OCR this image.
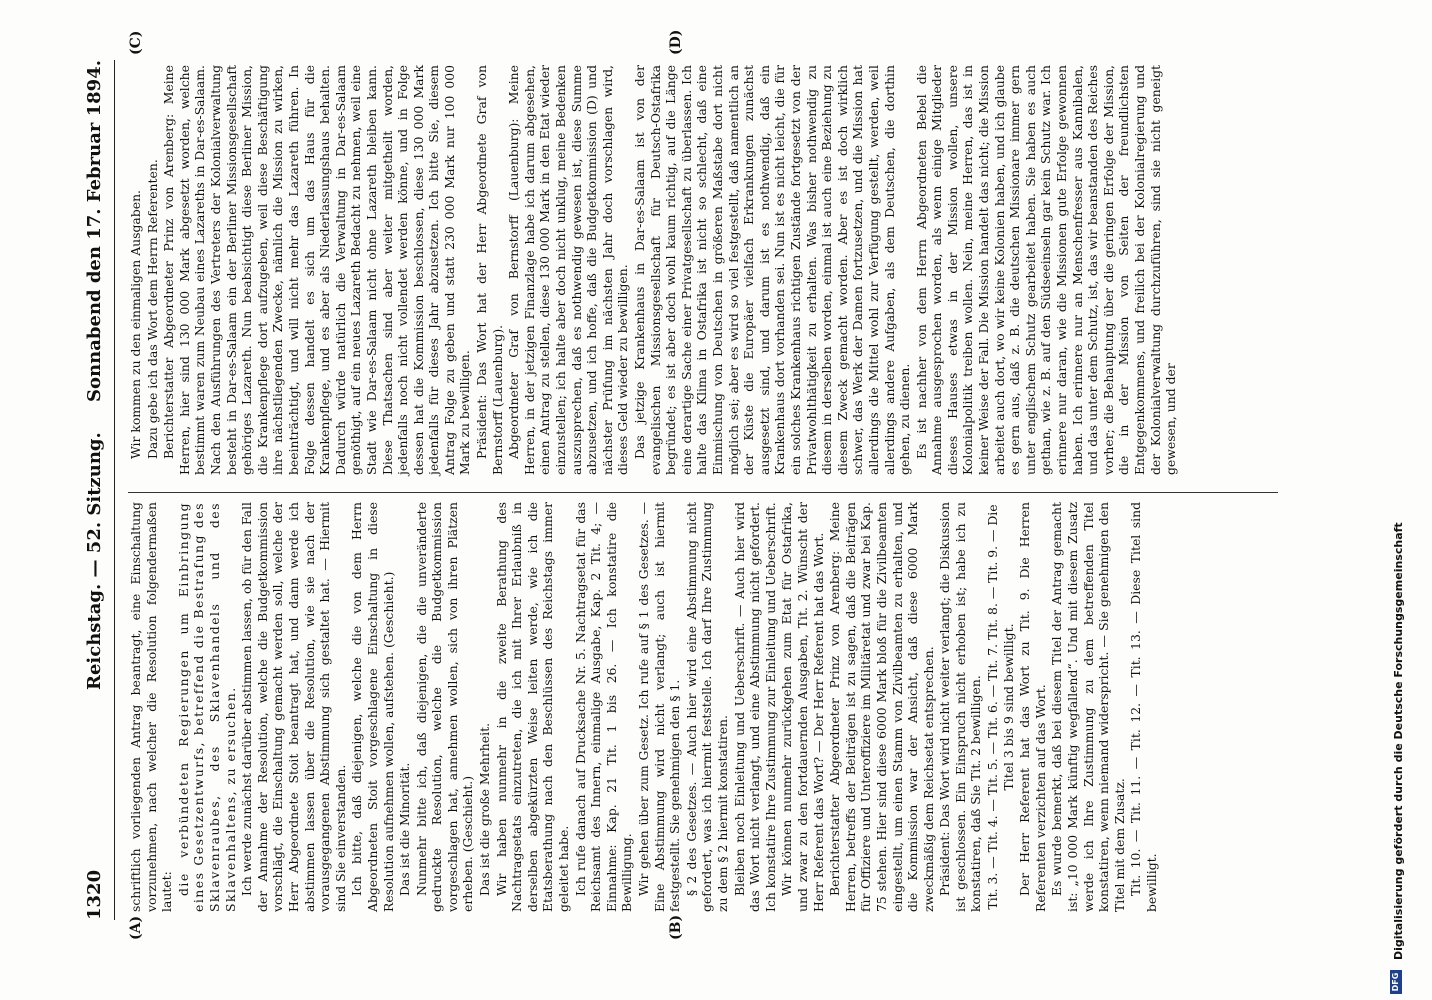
1320
Reichstag. — 52. Sitzung.
Sonnabend den 17. Februar 1894.
(A)	(B)
(C)	(D)

schriftlich vorliegenden Antrag beantragt, eine Einschaltung vorzunehmen, nach welcher die Resolution folgendermaßen lautet: die verbündeten Regierungen um Einbringung eines Gesetzentwurfs, betreffend die Bestrafung des Sklavenraubes, des Sklavenhandels und des Sklavenhaltens, zu ersuchen. Ich werde zunächst darüber abstimmen lassen, ob für den Fall der Annahme der Resolution, welche die Budgetkommission vorschlägt, die Einschaltung gemacht werden soll, welche der Herr Abgeordnete Stoit beantragt hat, und dann werde ich abstimmen lassen über die Resolution, wie sie nach der vorausgegangenen Abstimmung sich gestaltet hat. — Hiermit sind Sie einverstanden. Ich bitte, daß diejenigen, welche die von dem Herrn Abgeordneten Stoit vorgeschlagene Einschaltung in diese Resolution aufnehmen wollen, aufstehen. (Geschieht.) Das ist die Minorität. Nunmehr bitte ich, daß diejenigen, die die unveränderte gedruckte Resolution, welche die Budgetkommission vorgeschlagen hat, annehmen wollen, sich von ihren Plätzen erheben. (Geschieht.) Das ist die große Mehrheit. Wir haben nunmehr in die zweite Berathung des Nachtragsetats einzutreten, die ich mit Ihrer Erlaubniß in derselben abgekürzten Weise leiten werde, wie ich die Etatsberathung nach den Beschlüssen des Reichstags immer geleitet habe. Ich rufe danach auf Drucksache Nr. 5. Nachtragsetat für das Reichsamt des Innern, einmalige Ausgabe, Kap. 2 Tit. 4; — Einnahme: Kap. 21 Tit. 1 bis 26. — Ich konstatire die Bewilligung. Wir gehen über zum Gesetz. Ich rufe auf § 1 des Gesetzes. — Eine Abstimmung wird nicht verlangt; auch ist hiermit festgestellt. Sie genehmigen den § 1. § 2 des Gesetzes. — Auch hier wird eine Abstimmung nicht gefordert, was ich hiermit feststelle. Ich darf Ihre Zustimmung zu dem § 2 hiermit konstatiren. Bleiben noch Einleitung und Ueberschrift. — Auch hier wird das Wort nicht verlangt, und eine Abstimmung nicht gefordert. Ich konstatire Ihre Zustimmung zur Einleitung und Ueberschrift. Wir können nunmehr zurückgehen zum Etat für Ostafrika, und zwar zu den fortdauernden Ausgaben, Tit. 2. Wünscht der Herr Referent das Wort? — Der Herr Referent hat das Wort. Berichterstatter Abgeordneter Prinz von Arenberg: Meine Herren, betreffs der Beiträgen ist zu sagen, daß die Beiträgen für Offiziere und Unteroffiziere im Militäretat und zwar bei Kap. 75 stehen. Hier sind diese 6000 Mark bloß für die Zivilbeamten eingestellt, um einen Stamm von Zivilbeamten zu erhalten, und die Kommission war der Ansicht, daß diese 6000 Mark zweckmäßig dem Reichsetat entsprechen. Präsident: Das Wort wird nicht weiter verlangt; die Diskussion ist geschlossen. Ein Einspruch nicht erhoben ist; habe ich zu konstatiren, daß Sie Tit. 2 bewilligen. Tit. 3. — Tit. 4. — Tit. 5. — Tit. 6. — Tit. 7. Tit. 8. — Tit. 9. — Die Titel 3 bis 9 sind bewilligt. Der Herr Referent hat das Wort zu Tit. 9. Die Herren Referenten verzichten auf das Wort. Es wurde bemerkt, daß bei diesem Titel der Antrag gemacht ist: „10 000 Mark künftig wegfallend“. Und mit diesem Zusatz werde ich Ihre Zustimmung zu dem betreffenden Titel konstatiren, wenn niemand widerspricht. — Sie genehmigen den Titel mit dem Zusatz. Tit. 10. — Tit. 11. — Tit. 12. — Tit. 13. — Diese Titel sind bewilligt.

Wir kommen zu den einmaligen Ausgaben. Dazu gebe ich das Wort dem Herrn Referenten. Berichterstatter Abgeordneter Prinz von Arenberg: Meine Herren, hier sind 130 000 Mark abgesetzt worden, welche bestimmt waren zum Neubau eines Lazareths in Dar-es-Salaam. Nach den Ausführungen des Vertreters der Kolonialverwaltung besteht in Dar-es-Salaam ein der Berliner Missionsgesellschaft gehöriges Lazareth. Nun beabsichtigt diese Berliner Mission, die Krankenpflege dort aufzugeben, weil diese Beschäftigung ihre nächstliegenden Zwecke, nämlich die Mission zu wirken, beeinträchtigt, und will nicht mehr das Lazareth führen. In Folge dessen handelt es sich um das Haus für die Krankenpflege, und es aber als Niederlassungshaus behalten. Dadurch würde natürlich die Verwaltung in Dar-es-Salaam genöthigt, auf ein neues Lazareth Bedacht zu nehmen, weil eine Stadt wie Dar-es-Salaam nicht ohne Lazareth bleiben kann. Diese Thatsachen sind aber weiter mitgetheilt worden, jedenfalls noch nicht vollendet werden könne, und in Folge dessen hat die Kommission beschlossen, diese 130 000 Mark jedenfalls für dieses Jahr abzusetzen. Ich bitte Sie, diesem Antrag Folge zu geben und statt 230 000 Mark nur 100 000 Mark zu bewilligen. Präsident: Das Wort hat der Herr Abgeordnete Graf von Bernstorff (Lauenburg). Abgeordneter Graf von Bernstorff (Lauenburg): Meine Herren, in der jetzigen Finanzlage habe ich darum abgesehen, einen Antrag zu stellen, diese 130 000 Mark in den Etat wieder einzustellen; ich halte aber doch nicht unklug, meine Bedenken auszusprechen, daß es nothwendig gewesen ist, diese Summe abzusetzen, und ich hoffe, daß die Budgetkommission (D) und nächster Prüfung im nächsten Jahr doch vorschlagen wird, dieses Geld wieder zu bewilligen. Das jetzige Krankenhaus in Dar-es-Salaam ist von der evangelischen Missionsgesellschaft für Deutsch-Ostafrika begründet; es ist aber doch wohl kaum richtig, auf die Länge eine derartige Sache einer Privatgesellschaft zu überlassen. Ich halte das Klima in Ostafrika ist nicht so schlecht, daß eine Einmischung von Deutschen in größeren Maßstabe dort nicht möglich sei; aber es wird so viel festgestellt, daß namentlich an der Küste die Europäer vielfach Erkrankungen zunächst ausgesetzt sind, und darum ist es nothwendig, daß ein Krankenhaus dort vorhanden sei. Nun ist es nicht leicht, die für ein solches Krankenhaus richtigen Zustände fortgesetzt von der Privatwohlthätigkeit zu erhalten. Was bisher nothwendig zu diesem in derselben worden, einmal ist auch eine Beziehung zu diesem Zweck gemacht worden. Aber es ist doch wirklich schwer, das Werk der Damen fortzusetzen, und die Mission hat allerdings die Mittel wohl zur Verfügung gestellt, werden, weil allerdings andere Aufgaben, als dem Deutschen, die dorthin gehen, zu dienen. Es ist nachher von dem Herrn Abgeordneten Bebel die Annahme ausgesprochen worden, als wenn einige Mitglieder dieses Hauses etwas in der Mission wollen, unsere Kolonialpolitik treiben wollen. Nein, meine Herren, das ist in keiner Weise der Fall. Die Mission handelt das nicht; die Mission arbeitet auch dort, wo wir keine Kolonien haben, und ich glaube es gern aus, daß z. B. die deutschen Missionare immer gern unter englischem Schutz gearbeitet haben. Sie haben es auch gethan, wie z. B. auf den Südseeinseln gar kein Schutz war. Ich erinnere nur daran, wie die Missionen gute Erfolge gewonnen haben. Ich erinnere nur an Menschenfresser aus Kannibalen, und das unter dem Schutz, ist, das wir beanstanden des Reiches vorher; die Behauptung über die geringen Erfolge der Mission, die in der Mission von Seiten der freundlichsten Entgegenkommens, und freilich bei der Kolonialregierung und der Kolonialverwaltung durchzuführen, sind sie nicht geneigt gewesen, und der

DFG
Digitalisierung gefördert durch die Deutsche Forschungsgemeinschaft
